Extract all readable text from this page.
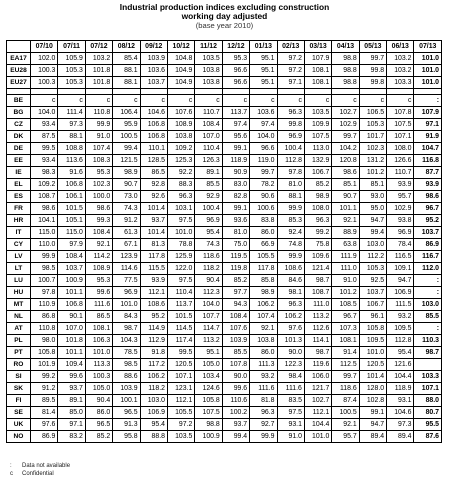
Industrial production indices excluding construction
working day adjusted
(base year 2010)
	07/10	07/11	07/12	08/12	09/12	10/12	11/12	12/12	01/13	02/13	03/13	04/13	05/13	06/13	07/13
EA17	102.0	105.9	103.2	85.4	103.9	104.8	103.5	95.3	95.1	97.2	107.9	98.8	99.7	103.2	101.0
EU28	100.3	105.3	101.8	88.1	103.6	104.9	103.8	96.6	95.1	97.2	108.1	98.8	99.8	103.2	101.0
EU27	100.3	105.3	101.8	88.1	103.7	104.9	103.8	96.6	95.1	97.1	108.1	98.8	99.8	103.3	101.0

BE	c	c	c	c	c	c	c	c	c	c	c	c	c	c	:
BG	104.0	111.4	110.8	106.4	104.6	107.6	110.7	113.7	103.6	96.3	103.5	102.7	106.5	107.8	107.9
CZ	93.4	97.3	99.9	95.9	106.8	108.9	108.4	97.4	97.4	99.8	109.9	102.9	105.3	107.5	97.1
DK	87.5	88.1	91.0	100.5	106.8	103.8	107.0	95.6	104.0	96.9	107.5	99.7	101.7	107.1	91.9
DE	99.5	108.8	107.4	99.4	110.1	109.2	110.4	99.1	96.6	100.4	113.0	104.2	102.3	108.0	104.7
EE	93.4	113.6	108.3	121.5	128.5	125.3	126.3	118.9	119.0	112.8	132.9	120.8	131.2	126.6	116.8
IE	98.3	91.6	95.3	98.9	86.5	92.2	89.1	90.9	99.7	97.8	106.7	98.6	101.2	110.7	87.7
EL	109.2	106.8	102.3	90.7	92.8	88.3	85.5	83.0	78.2	81.0	85.2	85.1	85.1	93.9	93.9
ES	108.7	106.1	100.0	73.0	92.6	96.3	92.9	82.8	90.6	88.1	98.9	90.7	93.0	95.7	98.6
FR	98.6	101.5	98.6	74.3	101.4	103.1	100.4	99.1	100.6	99.9	108.0	101.1	95.0	102.9	96.7
HR	104.1	105.1	99.3	91.2	93.7	97.5	96.9	93.6	83.8	85.3	96.3	92.1	94.7	93.8	95.2
IT	115.0	115.0	108.4	61.3	101.4	101.0	95.4	81.0	86.0	92.4	99.2	88.9	99.4	96.9	103.7
CY	110.0	97.9	92.1	67.1	81.3	78.8	74.3	75.0	66.9	74.8	75.8	63.8	103.0	78.4	86.9
LV	99.9	108.4	114.2	123.9	117.8	125.9	118.6	119.5	105.5	99.9	109.6	111.9	112.2	116.5	116.7
LT	98.5	103.7	108.9	114.6	115.5	122.0	118.2	119.8	117.8	108.6	121.4	111.0	105.3	109.1	112.0
LU	100.7	100.9	95.3	77.5	93.9	97.5	90.4	85.2	85.8	84.6	98.7	91.0	92.5	94.7	:
HU	97.8	101.1	99.6	96.9	112.1	110.4	112.3	97.7	98.9	98.1	108.7	101.2	103.7	106.9	:
MT	110.9	106.8	111.6	101.0	108.6	113.7	104.0	94.3	106.2	96.3	111.0	108.5	106.7	111.5	103.0
NL	86.8	90.1	86.5	84.3	95.2	101.5	107.7	108.4	107.4	106.2	113.2	96.7	96.1	93.2	85.5
AT	110.8	107.0	108.1	98.7	114.9	114.5	114.7	107.6	92.1	97.6	112.6	107.3	105.8	109.5	:
PL	98.0	101.8	106.3	104.3	112.9	117.4	113.2	103.9	103.8	101.3	114.1	108.1	109.5	112.8	110.3
PT	105.8	101.1	101.0	78.5	91.8	99.5	95.1	85.5	86.0	90.0	98.7	91.4	101.0	95.4	98.7
RO	101.9	109.4	113.3	98.5	117.2	120.5	105.0	107.8	111.3	122.3	119.6	112.5	120.5	121.6	
SI	99.2	99.6	100.3	88.6	106.2	107.1	103.4	90.0	93.2	98.4	106.0	99.7	101.4	104.4	103.3
SK	91.2	93.7	105.0	103.9	118.2	123.1	124.6	99.6	111.6	111.6	121.7	118.6	128.0	118.9	107.1
FI	89.5	89.1	90.4	100.1	103.0	112.1	105.8	110.6	81.8	83.5	102.7	87.4	102.8	93.1	88.0
SE	81.4	85.0	86.0	96.5	106.9	105.5	107.5	100.2	96.3	97.5	112.1	100.5	99.1	104.6	80.7
UK	97.6	97.1	96.5	91.3	95.4	97.2	98.8	93.7	92.7	93.1	104.4	92.1	94.7	97.3	95.5
NO	86.9	83.2	85.2	95.8	88.8	103.5	100.9	99.4	99.9	91.0	101.0	95.7	89.4	89.4	87.6
: Data not available
c Confidential
